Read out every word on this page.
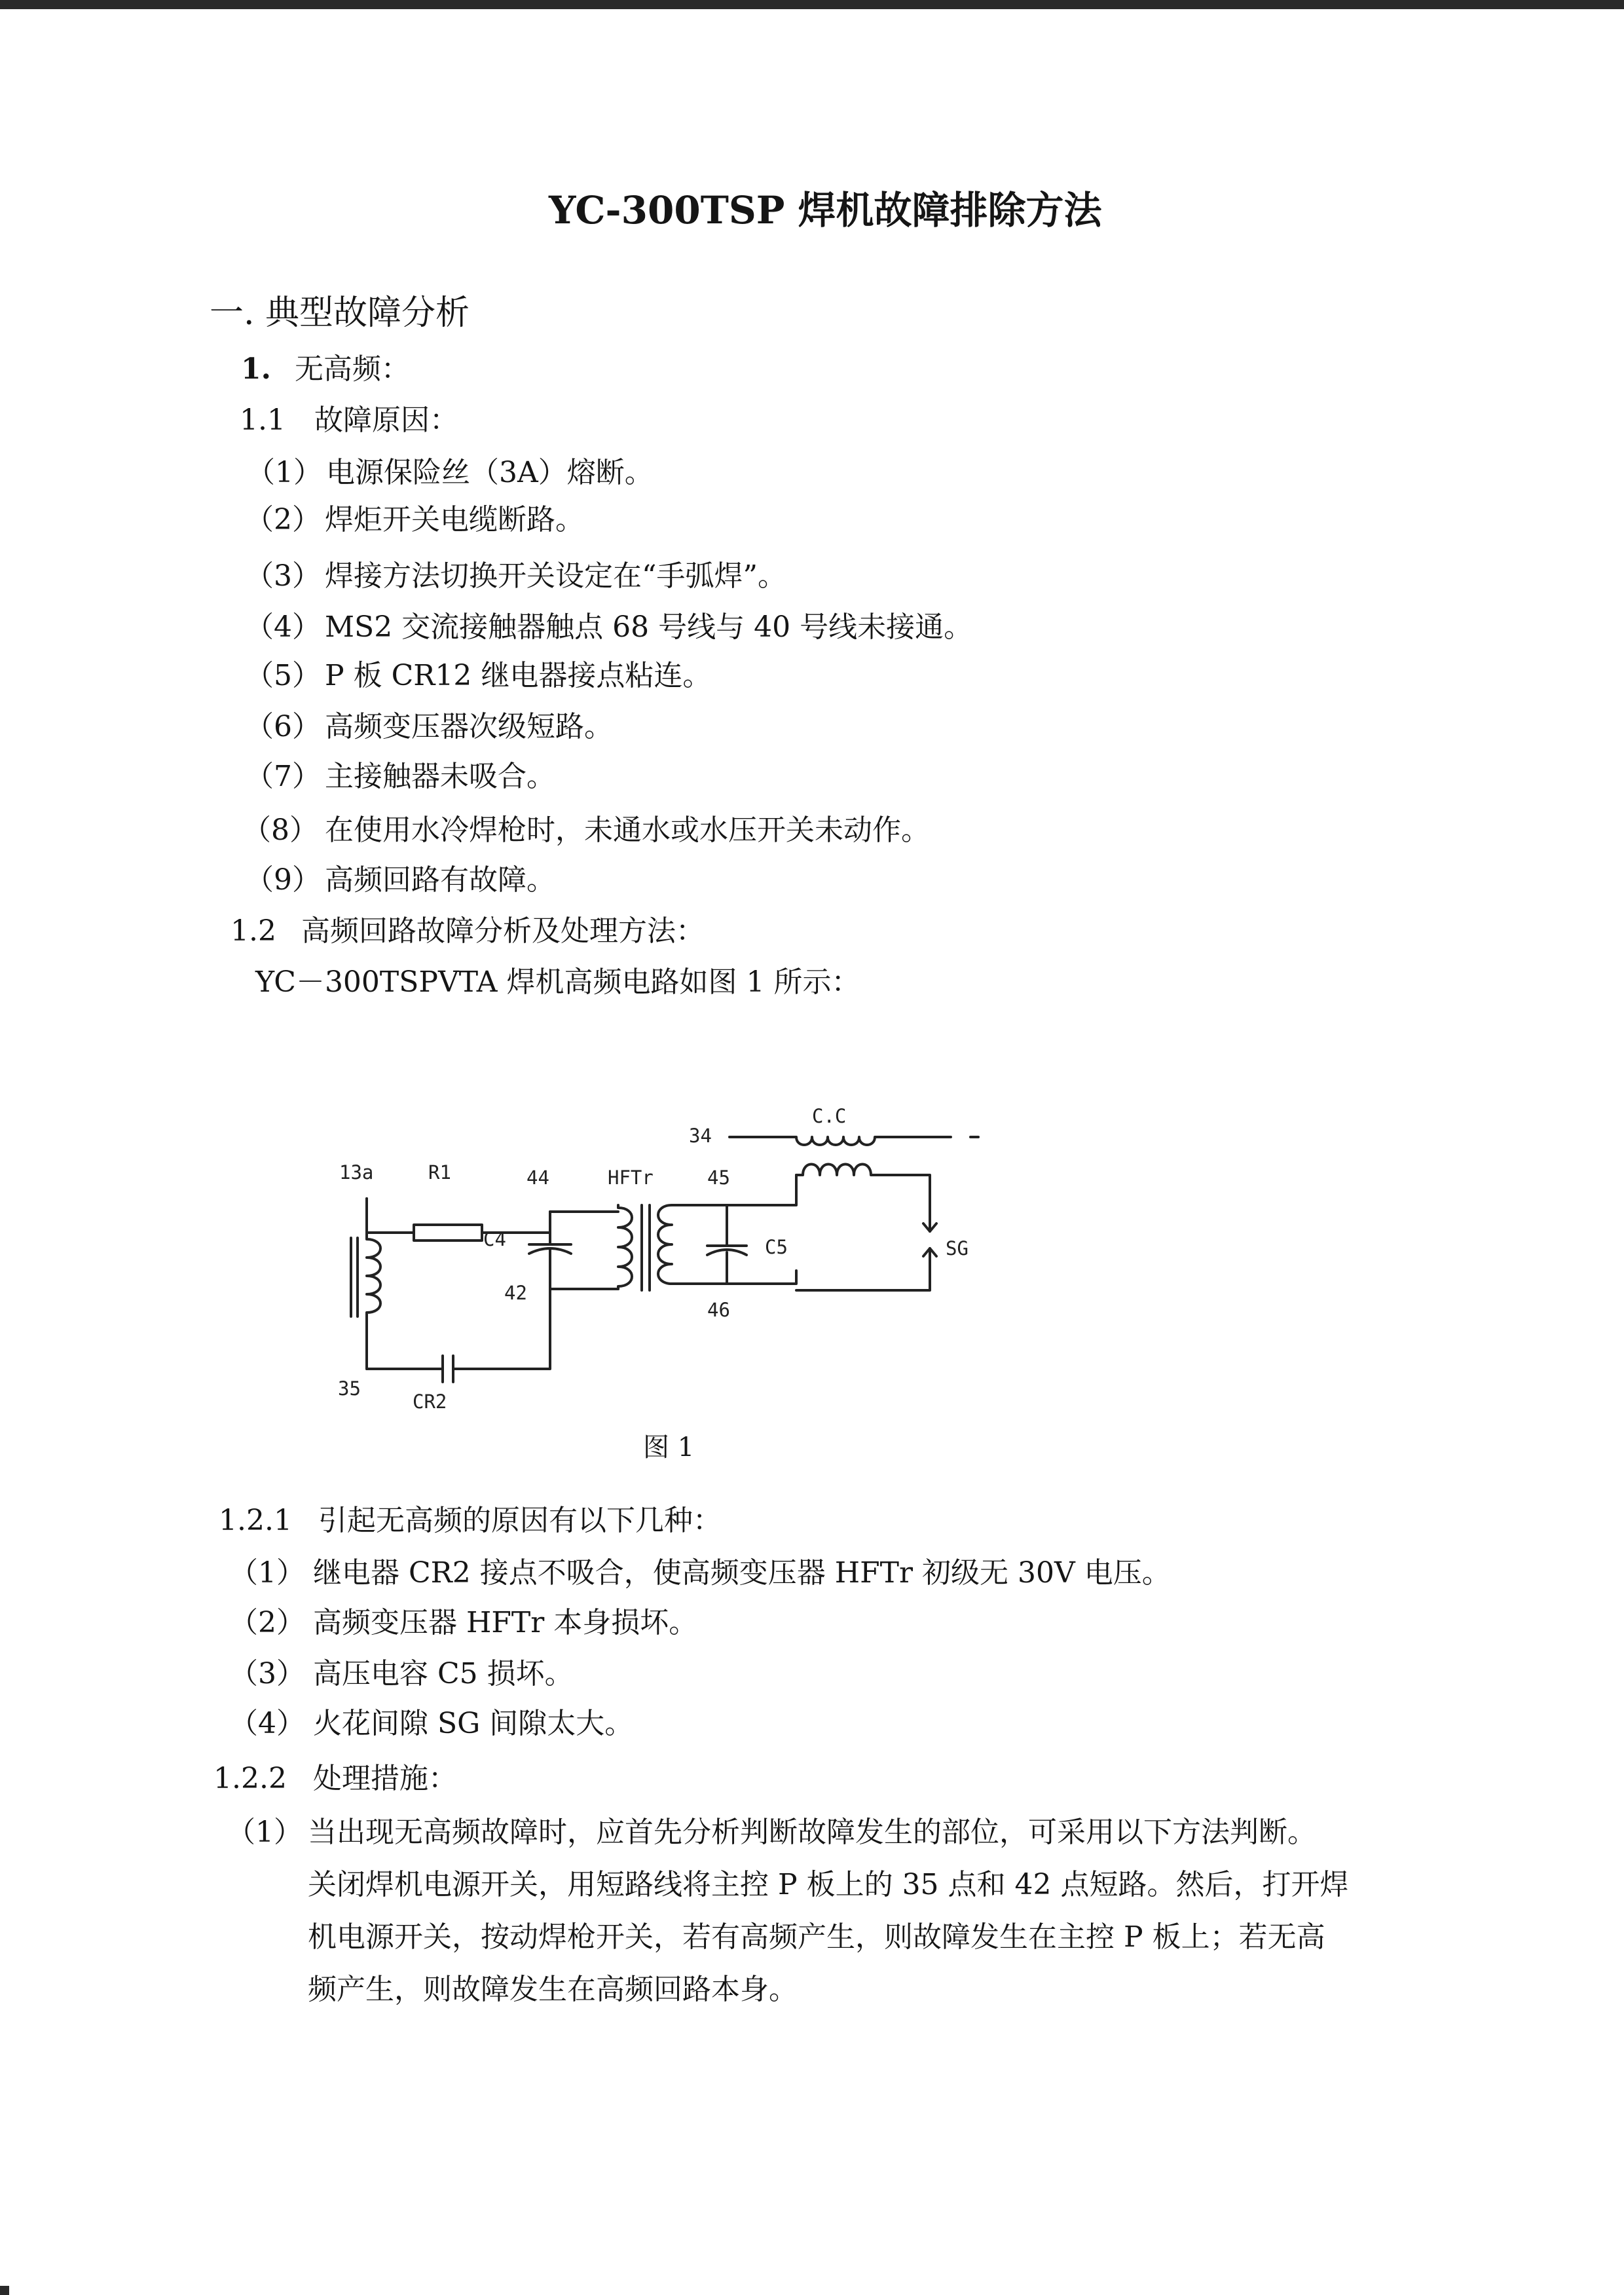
YC-300TSP 焊机故障排除方法
一. 典型故障分析
1. 无高频：
1.1 故障原因：
（1） 电源保险丝（3A）熔断。
（2） 焊炬开关电缆断路。
（3） 焊接方法切换开关设定在“手弧焊”。
（4） MS2 交流接触器触点 68 号线与 40 号线未接通。
（5） P 板 CR12 继电器接点粘连。
（6） 高频变压器次级短路。
（7） 主接触器未吸合。
（8） 在使用水冷焊枪时，未通水或水压开关未动作。
（9） 高频回路有故障。
1.2 高频回路故障分析及处理方法：
YC－300TSPVTA 焊机高频电路如图 1 所示：
13a	R1	44	HFTr	45
34
C.C
C4
42
C5	SG
46
35
CR2
图 1
1.2.1 引起无高频的原因有以下几种：
（1） 继电器 CR2 接点不吸合，使高频变压器 HFTr 初级无 30V 电压。
（2） 高频变压器 HFTr 本身损坏。
（3） 高压电容 C5 损坏。
（4） 火花间隙 SG 间隙太大。
1.2.2 处理措施：
（1） 当出现无高频故障时，应首先分析判断故障发生的部位，可采用以下方法判断。
关闭焊机电源开关，用短路线将主控 P 板上的 35 点和 42 点短路。然后，打开焊
机电源开关，按动焊枪开关，若有高频产生，则故障发生在主控 P 板上；若无高
频产生，则故障发生在高频回路本身。
